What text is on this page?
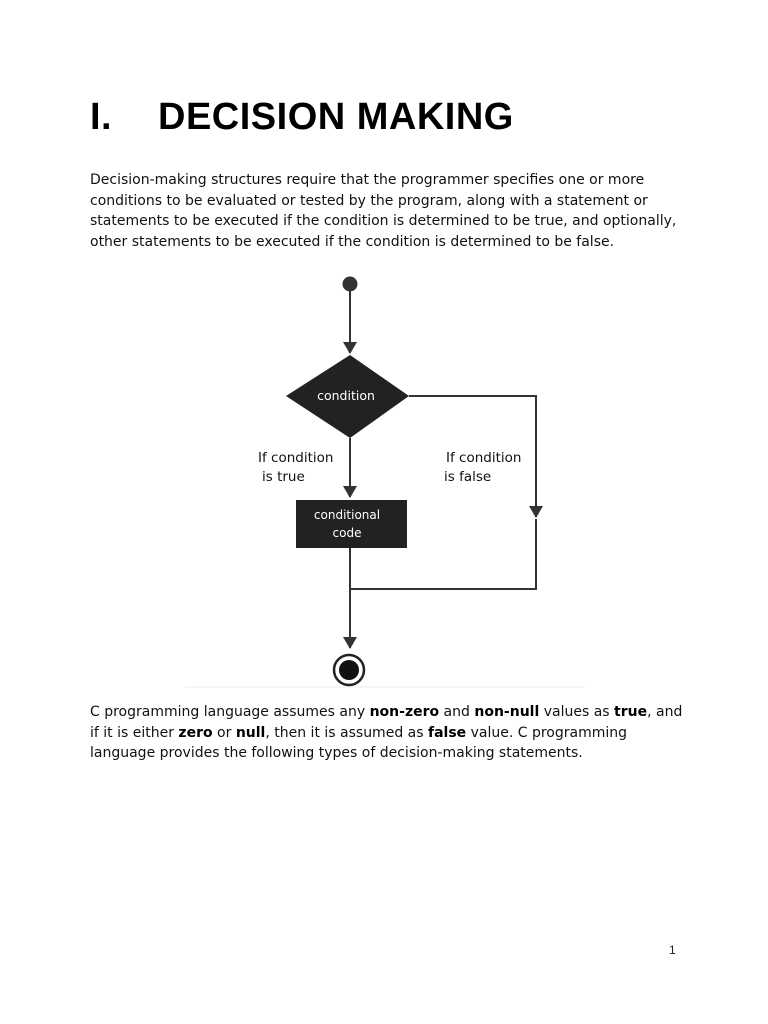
I. DECISION MAKING

Decision-making structures require that the programmer specifies one or more conditions to be evaluated or tested by the program, along with a statement or statements to be executed if the condition is determined to be true, and optionally, other statements to be executed if the condition is determined to be false.

condition
If condition
is true
If condition
is false
conditional
code

C programming language assumes any non-zero and non-null values as true, and if it is either zero or null, then it is assumed as false value. C programming language provides the following types of decision-making statements.

1
